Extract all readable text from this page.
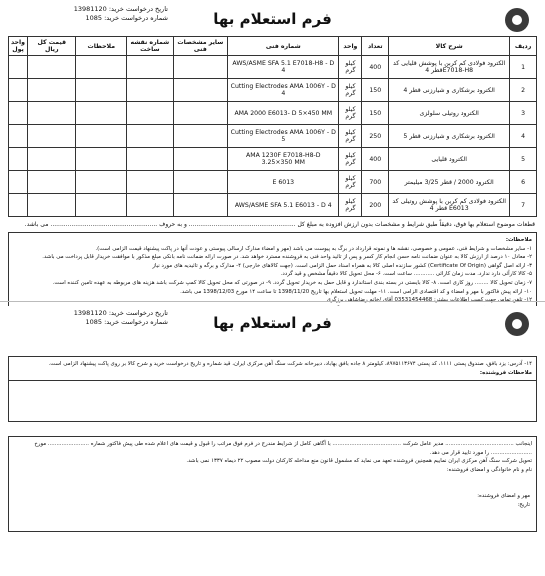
فرم استعلام بها
تاریخ درخواست خرید: 13981120
شماره درخواست خرید: 1085
ردیف	شرح کالا	تعداد	واحد	شماره فنی	سایر مشخصات فنی	شماره نقشه ساخت	ملاحظات	قیمت کل ریال	واحد پول
1	الکترود فولادی کم کربن با پوشش قلیایی کد E7018-H8قطر 4	400	کیلو گرم	AWS/ASME SFA 5.1 E7018-H8 - D 4					
2	الکترود برشکاری و شیارزنی قطر 4	150	کیلو گرم	Cutting Electrodes AMA 1006Y - D 4					
3	الکترود روتیلی سلولزی	150	کیلو گرم	AMA 2000 E6013- D 5×450 MM					
4	الکترود برشکاری و شیارزنی قطر 5	250	کیلو گرم	Cutting Electrodes AMA 1006Y - D 5					
5	الکترود قلیایی	400	کیلو گرم	AMA 1230F E7018-H8-D 3.25×350 MM					
6	الکترود 2000 / قطر 3/25 میلیمتر	700	کیلو گرم	E 6013					
7	الکترود فولادی کم کربن با پوشش روتیلی کد E6013 قطر 4	200	کیلو گرم	AWS/ASME SFA 5.1 E6013 - D 4					
قطعات موضوع استعلام بها فوق، دقیقاً طبق شرایط و مشخصات بدون ارزش افزوده به مبلغ کل ........................................................ و به حروف ........................................................ می باشد.
ملاحظات:
۱- سایر مشخصات و شرایط فنی، عمومی و خصوصی، نقشه ها و نمونه قرارداد در برگ به پیوست می باشد (مهر و امضاء مدارک ارسالی پیوستی و عودت آنها در پاکت پیشنهاد قیمت الزامی است).
۲- معادل ۱۰ درصد از ارزش کالا به عنوان ضمانت نامه حسن انجام کار کسر و پس از تائید واحد فنی به فروشنده مسترد خواهد شد. در صورت ارائه ضمانت نامه بانکی مبلغ مذکور با موافقت خریدار قابل پرداخت می باشد.
۳- ارائه اصل گواهی (Certificate Of Origin) کشور سازنده اصلی کالا به همراه اسناد حمل الزامی است. (جهت کالاهای خارجی) ۴- مدارک و برگه و تائیدیه های مورد نیاز
۵- کالا کارآئی دارد ندارد. مدت زمان کارائی ............ ساعت است. ۶- محل تحویل کالا دقیقاً مشخص و قید گردد.
۷- زمان تحویل کالا ........ روز کاری است. ۸- کالا بایستی در بسته بندی استاندارد و قابل حمل به خریدار تحویل گردد. ۹- در صورتی که محل تحویل کالا کمپ شرکت باشد هزینه های مربوطه به عهده تامین کننده است.
۱۰- ارائه پیش فاکتور با مهر و امضاء و کد اقتصادی الزامی است. ۱۱- مهلت تحویل استعلام بها تاریخ 1398/11/20 تا ساعت ۱۴ مورخ 1398/12/03 می باشد.
فرم استعلام بها
تاریخ درخواست خرید: 13981120
شماره درخواست خرید: 1085
۱۴- آدرس: یزد بافق، صندوق پستی ۱۱۱۱، کد پستی ۸۹۷۵۱۱۳۶۷۴، کیلومتر ۸ جاده بافق بهاباد، دبیرخانه شرکت سنگ آهن مرکزی ایران، قید شماره و تاریخ درخواست خرید و شرح کالا بر روی پاکت پیشنهاد الزامی است.
ملاحظات فروشنده:
اینجانب ........................................ مدیر عامل شرکت ........................................ با آگاهی کامل از شرایط مندرج در فرم فوق مراتب را قبول و قیمت های اعلام شده طی پیش فاکتور شماره ........................ مورخ ........................ را مورد تایید قرار می دهد.
تحویل شرکت سنگ آهن مرکزی ایران نماییم همچنین فروشنده تعهد می نماید که مشمول قانون منع مداخله کارکنان دولت مصوب ۲۲ دیماه ۱۳۳۷ نمی باشد.
نام و نام خانوادگی و امضای فروشنده:
مهر و امضای فروشنده:
تاریخ:
